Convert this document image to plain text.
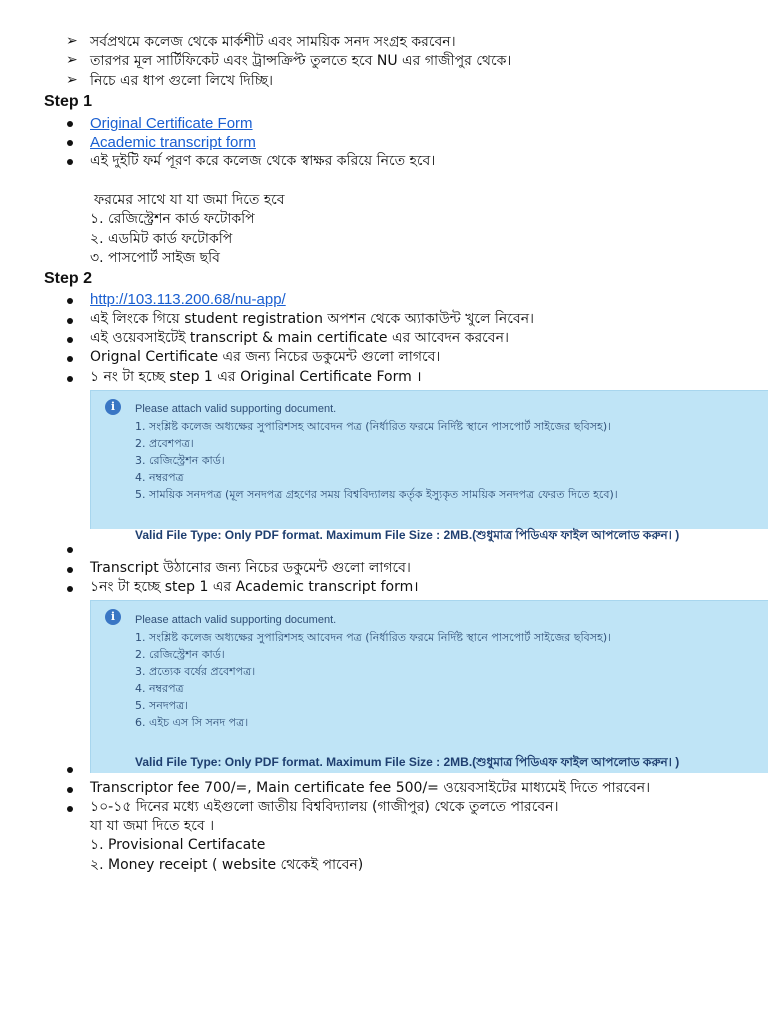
➢ সর্বপ্রথমে কলেজ থেকে মার্কশীট এবং সাময়িক সনদ সংগ্রহ করবেন।
➢ তারপর মূল সার্টিফিকেট এবং ট্রান্সক্রিপ্ট তুলতে হবে NU এর গাজীপুর থেকে।
➢ নিচে এর ধাপ গুলো লিখে দিচ্ছি।
Step 1
Original Certificate Form
Academic transcript form
এই দুইটি ফর্ম পূরণ করে কলেজ থেকে স্বাক্ষর করিয়ে নিতে হবে।
ফরমের সাথে যা যা জমা দিতে হবে
১. রেজিস্ট্রেশন কার্ড ফটোকপি
২. এডমিট কার্ড ফটোকপি
৩. পাসপোর্ট সাইজ ছবি
Step 2
http://103.113.200.68/nu-app/
এই লিংকে গিয়ে student registration অপশন থেকে অ্যাকাউন্ট খুলে নিবেন।
এই ওয়েবসাইটেই transcript & main certificate এর আবেদন করবেন।
Orignal Certificate এর জন্য নিচের ডকুমেন্ট গুলো লাগবে।
১ নং টা হচ্ছে step 1 এর Original Certificate Form ।
i	Please attach valid supporting document.
1. সংশ্লিষ্ট কলেজ অধ্যক্ষের সুপারিশসহ আবেদন পত্র (নির্ধারিত ফরমে নির্দিষ্ট স্থানে পাসপোর্ট সাইজের ছবিসহ)।
2. প্রবেশপত্র।
3. রেজিস্ট্রেশন কার্ড।
4. নম্বরপত্র
5. সাময়িক সনদপত্র (মূল সনদপত্র গ্রহণের সময় বিশ্ববিদ্যালয় কর্তৃক ইস্যুকৃত সাময়িক সনদপত্র ফেরত দিতে হবে)।
Valid File Type: Only PDF format. Maximum File Size : 2MB.(শুধুমাত্র পিডিএফ ফাইল আপলোড করুন। )
Transcript উঠানোর জন্য নিচের ডকুমেন্ট গুলো লাগবে।
১নং টা হচ্ছে step 1 এর Academic transcript form।
i	Please attach valid supporting document.
1. সংশ্লিষ্ট কলেজ অধ্যক্ষের সুপারিশসহ আবেদন পত্র (নির্ধারিত ফরমে নির্দিষ্ট স্থানে পাসপোর্ট সাইজের ছবিসহ)।
2. রেজিস্ট্রেশন কার্ড।
3. প্রত্যেক বর্ষের প্রবেশপত্র।
4. নম্বরপত্র
5. সনদপত্র।
6. এইচ এস সি সনদ পত্র।
Valid File Type: Only PDF format. Maximum File Size : 2MB.(শুধুমাত্র পিডিএফ ফাইল আপলোড করুন। )
Transcriptor fee 700/=, Main certificate fee 500/= ওয়েবসাইটের মাধ্যমেই দিতে পারবেন।
১০-১৫ দিনের মধ্যে এইগুলো জাতীয় বিশ্ববিদ্যালয় (গাজীপুর) থেকে তুলতে পারবেন।
যা যা জমা দিতে হবে ।
১. Provisional Certifacate
২. Money receipt ( website থেকেই পাবেন)
